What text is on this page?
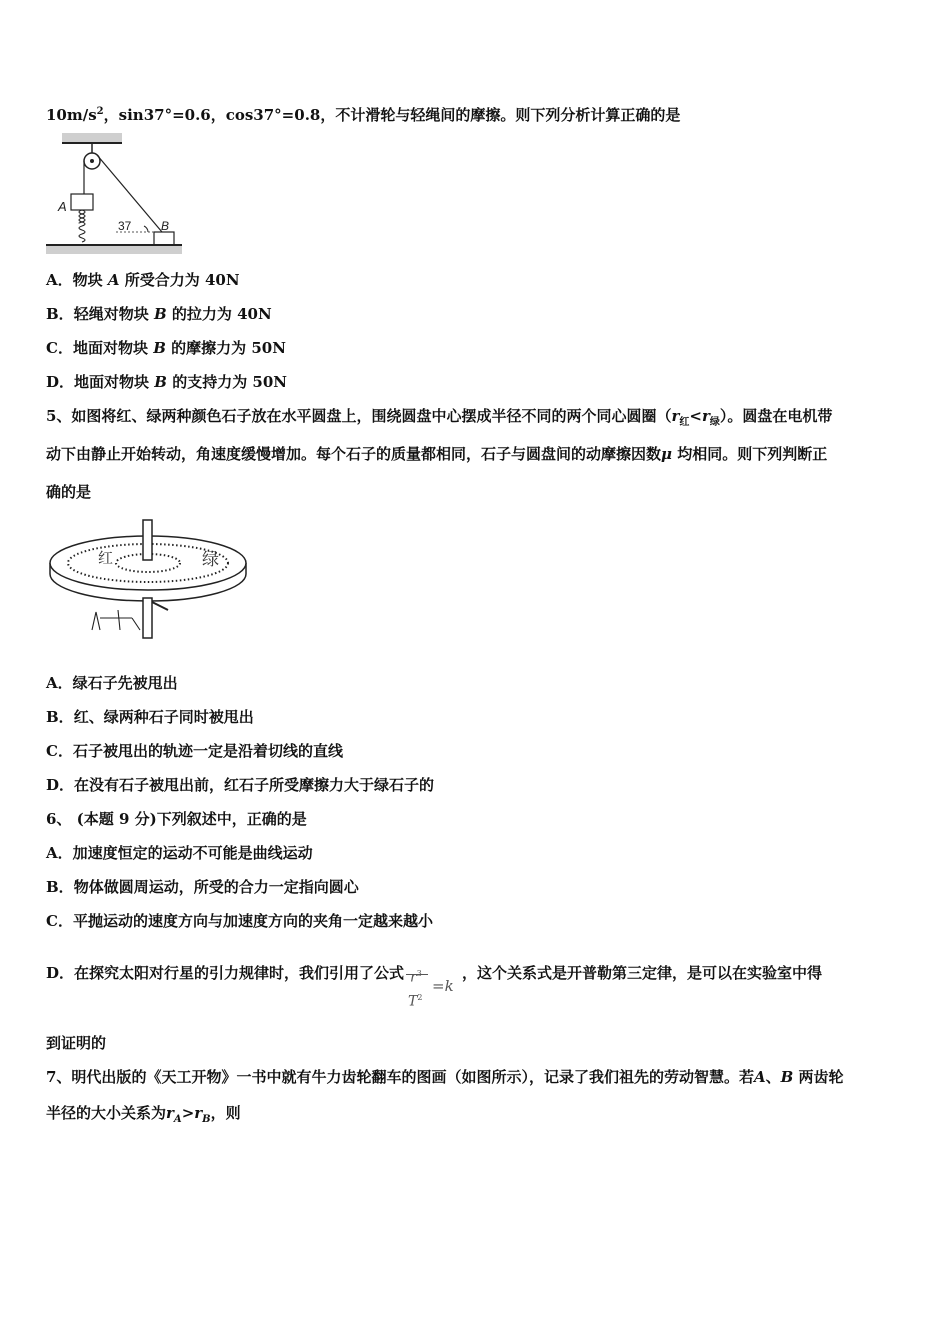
$10m/s^2$，sin37°=0.6，cos37°=0.8，不计滑轮与轻绳间的摩擦。则下列分析计算正确的是
A
37 B
A．物块 A 所受合力为 40N
B．轻绳对物块 B 的拉力为 40N
C．地面对物块 B 的摩擦力为 50N
D．地面对物块 B 的支持力为 50N
5、如图将红、绿两种颜色石子放在水平圆盘上，围绕圆盘中心摆成半径不同的两个同心圆圈$(r_红<r_绿)$。圆盘在电机带
动下由静止开始转动，角速度缓慢增加。每个石子的质量都相同，石子与圆盘间的动摩擦因数μ 均相同。则下列判断正
确的是
红	绿
A．绿石子先被甩出
B．红、绿两种石子同时被甩出
C．石子被甩出的轨迹一定是沿着切线的直线
D．在没有石子被甩出前，红石子所受摩擦力大于绿石子的
6、 (本题 9 分)下列叙述中，正确的是
A．加速度恒定的运动不可能是曲线运动
B．物体做圆周运动，所受的合力一定指向圆心
C．平抛运动的速度方向与加速度方向的夹角一定越来越小
D．在探究太阳对行星的引力规律时，我们引用了公式 $r^3$
$T^2$
=k
，这个关系式是开普勒第三定律，是可以在实验室中得
到证明的
7、明代出版的《天工开物》一书中就有牛力齿轮翻车的图画（如图所示），记录了我们祖先的劳动智慧。若A、B 两齿轮
半径的大小关系为$r_A>r_B$，则
